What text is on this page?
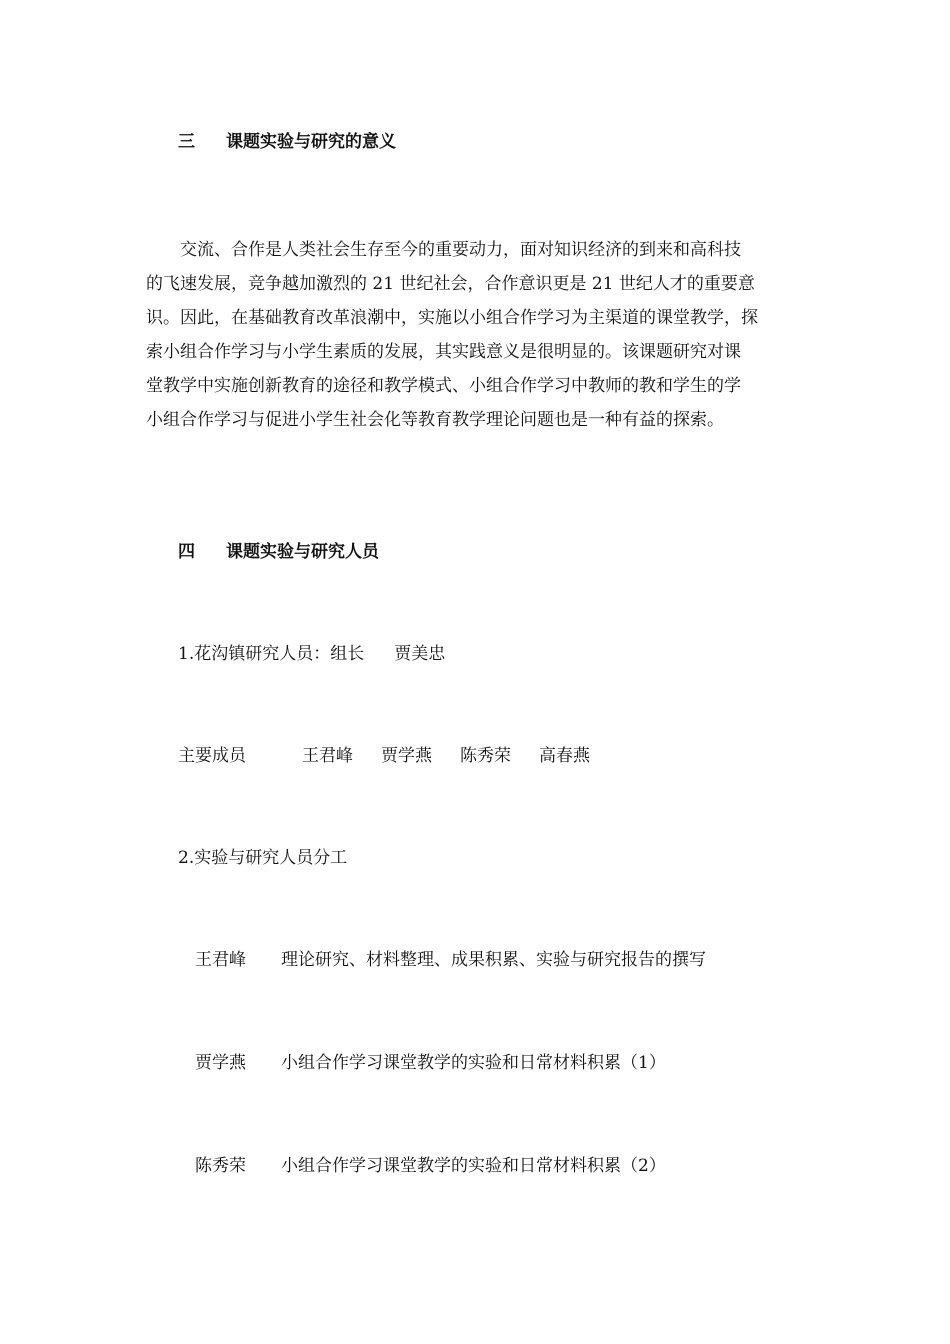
三 课题实验与研究的意义
交流、合作是人类社会生存至今的重要动力，面对知识经济的到来和高科技
的飞速发展，竞争越加激烈的 21 世纪社会，合作意识更是 21 世纪人才的重要意
识。因此，在基础教育改革浪潮中，实施以小组合作学习为主渠道的课堂教学，探
索小组合作学习与小学生素质的发展，其实践意义是很明显的。该课题研究对课
堂教学中实施创新教育的途径和教学模式、小组合作学习中教师的教和学生的学
小组合作学习与促进小学生社会化等教育教学理论问题也是一种有益的探索。
四 课题实验与研究人员
1.花沟镇研究人员：组长 贾美忠
主要成员	王君峰 贾学燕 陈秀荣 高春燕
2.实验与研究人员分工
王君峰 理论研究、材料整理、成果积累、实验与研究报告的撰写
贾学燕 小组合作学习课堂教学的实验和日常材料积累（1）
陈秀荣 小组合作学习课堂教学的实验和日常材料积累（2）
